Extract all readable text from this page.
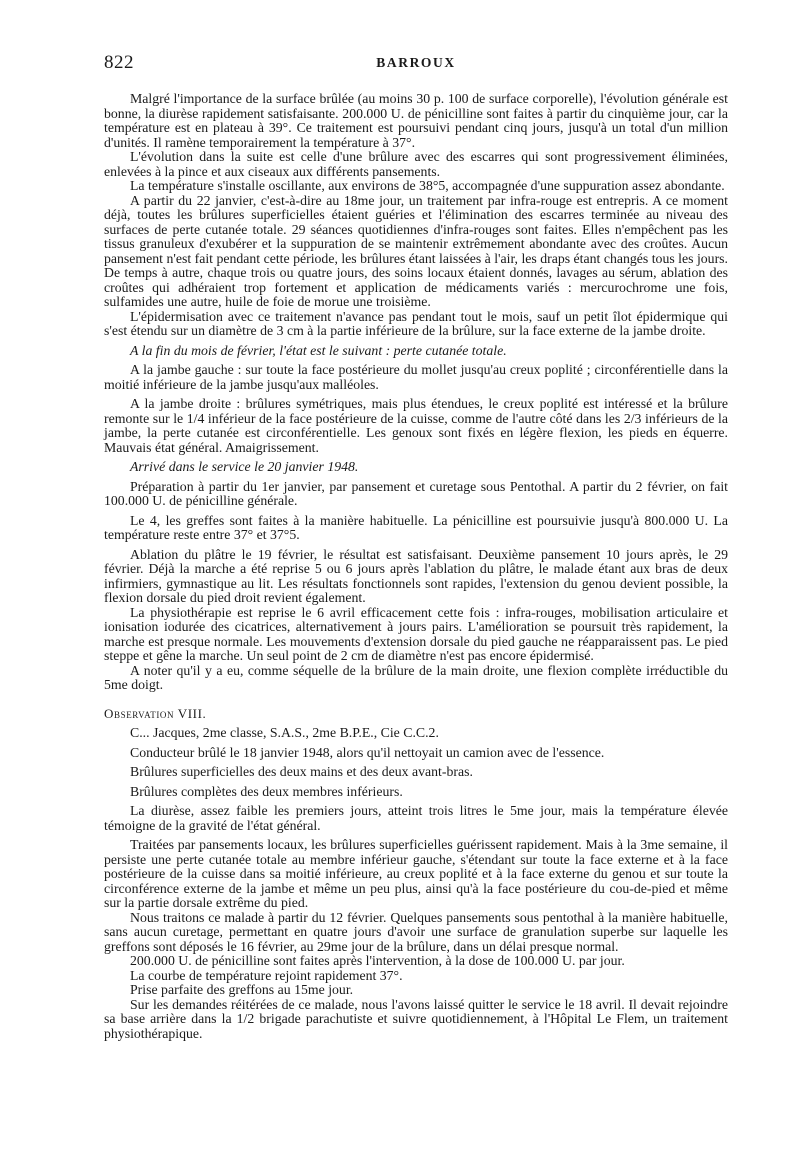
822	BARROUX

Malgré l'importance de la surface brûlée (au moins 30 p. 100 de surface corporelle), l'évolution générale est bonne, la diurèse rapidement satisfaisante. 200.000 U. de pénicilline sont faites à partir du cinquième jour, car la température est en plateau à 39°. Ce traitement est poursuivi pendant cinq jours, jusqu'à un total d'un million d'unités. Il ramène temporairement la température à 37°.

L'évolution dans la suite est celle d'une brûlure avec des escarres qui sont progressivement éliminées, enlevées à la pince et aux ciseaux aux différents pansements.

La température s'installe oscillante, aux environs de 38°5, accompagnée d'une suppuration assez abondante.

A partir du 22 janvier, c'est-à-dire au 18me jour, un traitement par infra-rouge est entrepris. A ce moment déjà, toutes les brûlures superficielles étaient guéries et l'élimination des escarres terminée au niveau des surfaces de perte cutanée totale. 29 séances quotidiennes d'infra-rouges sont faites. Elles n'empêchent pas les tissus granuleux d'exubérer et la suppuration de se maintenir extrêmement abondante avec des croûtes. Aucun pansement n'est fait pendant cette période, les brûlures étant laissées à l'air, les draps étant changés tous les jours. De temps à autre, chaque trois ou quatre jours, des soins locaux étaient donnés, lavages au sérum, ablation des croûtes qui adhéraient trop fortement et application de médicaments variés : mercurochrome une fois, sulfamides une autre, huile de foie de morue une troisième.

L'épidermisation avec ce traitement n'avance pas pendant tout le mois, sauf un petit îlot épidermique qui s'est étendu sur un diamètre de 3 cm à la partie inférieure de la brûlure, sur la face externe de la jambe droite.

A la fin du mois de février, l'état est le suivant : perte cutanée totale.

A la jambe gauche : sur toute la face postérieure du mollet jusqu'au creux poplité ; circonférentielle dans la moitié inférieure de la jambe jusqu'aux malléoles.

A la jambe droite : brûlures symétriques, mais plus étendues, le creux poplité est intéressé et la brûlure remonte sur le 1/4 inférieur de la face postérieure de la cuisse, comme de l'autre côté dans les 2/3 inférieurs de la jambe, la perte cutanée est circonférentielle. Les genoux sont fixés en légère flexion, les pieds en équerre. Mauvais état général. Amaigrissement.

Arrivé dans le service le 20 janvier 1948.

Préparation à partir du 1er janvier, par pansement et curetage sous Pentothal. A partir du 2 février, on fait 100.000 U. de pénicilline générale.

Le 4, les greffes sont faites à la manière habituelle. La pénicilline est poursuivie jusqu'à 800.000 U. La température reste entre 37° et 37°5.

Ablation du plâtre le 19 février, le résultat est satisfaisant. Deuxième pansement 10 jours après, le 29 février. Déjà la marche a été reprise 5 ou 6 jours après l'ablation du plâtre, le malade étant aux bras de deux infirmiers, gymnastique au lit. Les résultats fonctionnels sont rapides, l'extension du genou devient possible, la flexion dorsale du pied droit revient également.

La physiothérapie est reprise le 6 avril efficacement cette fois : infra-rouges, mobilisation articulaire et ionisation iodurée des cicatrices, alternativement à jours pairs. L'amélioration se poursuit très rapidement, la marche est presque normale. Les mouvements d'extension dorsale du pied gauche ne réapparaissent pas. Le pied steppe et gêne la marche. Un seul point de 2 cm de diamètre n'est pas encore épidermisé.

A noter qu'il y a eu, comme séquelle de la brûlure de la main droite, une flexion complète irréductible du 5me doigt.

Observation VIII.

C... Jacques, 2me classe, S.A.S., 2me B.P.E., Cie C.C.2.

Conducteur brûlé le 18 janvier 1948, alors qu'il nettoyait un camion avec de l'essence.

Brûlures superficielles des deux mains et des deux avant-bras.

Brûlures complètes des deux membres inférieurs.

La diurèse, assez faible les premiers jours, atteint trois litres le 5me jour, mais la température élevée témoigne de la gravité de l'état général.

Traitées par pansements locaux, les brûlures superficielles guérissent rapidement. Mais à la 3me semaine, il persiste une perte cutanée totale au membre inférieur gauche, s'étendant sur toute la face externe et à la face postérieure de la cuisse dans sa moitié inférieure, au creux poplité et à la face externe du genou et sur toute la circonférence externe de la jambe et même un peu plus, ainsi qu'à la face postérieure du cou-de-pied et même sur la partie dorsale extrême du pied.

Nous traitons ce malade à partir du 12 février. Quelques pansements sous pentothal à la manière habituelle, sans aucun curetage, permettant en quatre jours d'avoir une surface de granulation superbe sur laquelle les greffons sont déposés le 16 février, au 29me jour de la brûlure, dans un délai presque normal.

200.000 U. de pénicilline sont faites après l'intervention, à la dose de 100.000 U. par jour.

La courbe de température rejoint rapidement 37°.

Prise parfaite des greffons au 15me jour.

Sur les demandes réitérées de ce malade, nous l'avons laissé quitter le service le 18 avril. Il devait rejoindre sa base arrière dans la 1/2 brigade parachutiste et suivre quotidiennement, à l'Hôpital Le Flem, un traitement physiothérapique.
